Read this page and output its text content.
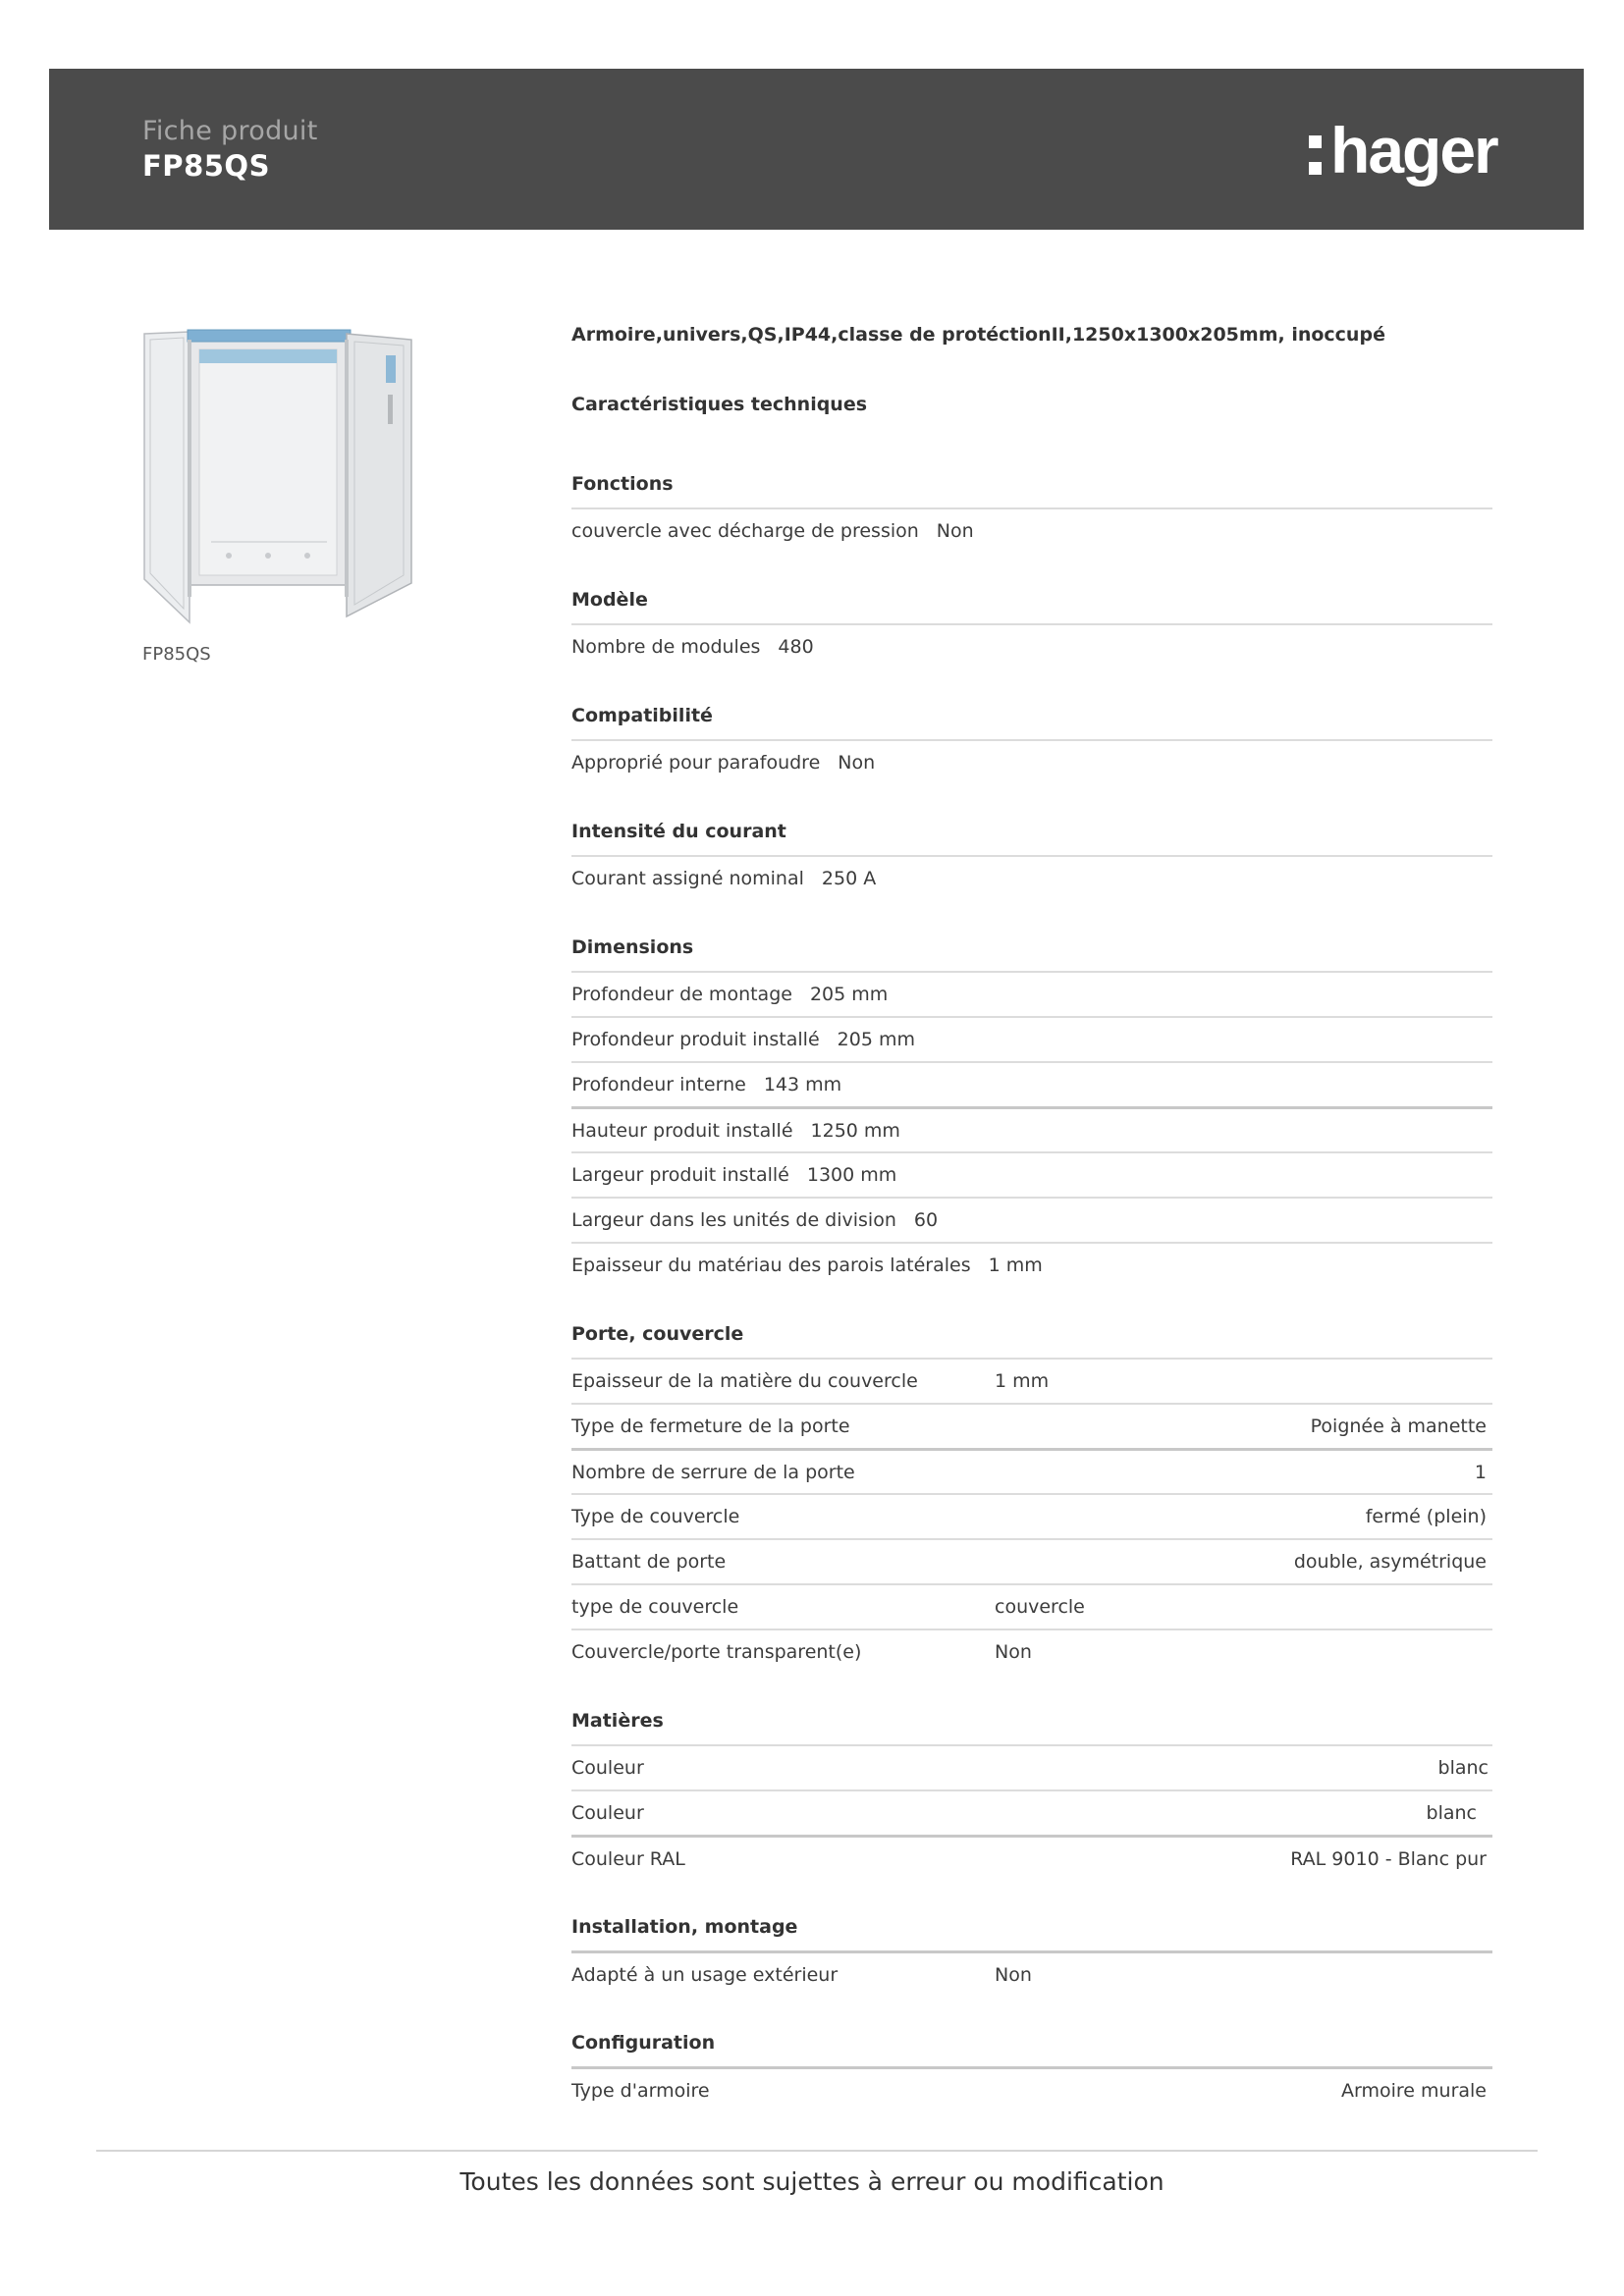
Fiche produit
FP85QS	hager
FP85QS
Armoire,univers,QS,IP44,classe de protéctionII,1250x1300x205mm, inoccupé
Caractéristiques techniques
Fonctions
couvercle avec décharge de pression Non
Modèle
Nombre de modules 480
Compatibilité
Approprié pour parafoudre Non
Intensité du courant
Courant assigné nominal 250 A
Dimensions
Profondeur de montage 205 mm
Profondeur produit installé 205 mm
Profondeur interne 143 mm
Hauteur produit installé 1250 mm
Largeur produit installé 1300 mm
Largeur dans les unités de division 60
Epaisseur du matériau des parois latérales 1 mm
Porte, couvercle
Epaisseur de la matière du couvercle	1 mm
Type de fermeture de la porte	Poignée à manette
Nombre de serrure de la porte	1
Type de couvercle	fermé (plein)
Battant de porte	double, asymétrique
type de couvercle	couvercle
Couvercle/porte transparent(e)	Non
Matières
Couleur	blanc
Couleur	blanc
Couleur RAL	RAL 9010 - Blanc pur
Installation, montage
Adapté à un usage extérieur	Non
Configuration
Type d'armoire	Armoire murale
Toutes les données sont sujettes à erreur ou modification
